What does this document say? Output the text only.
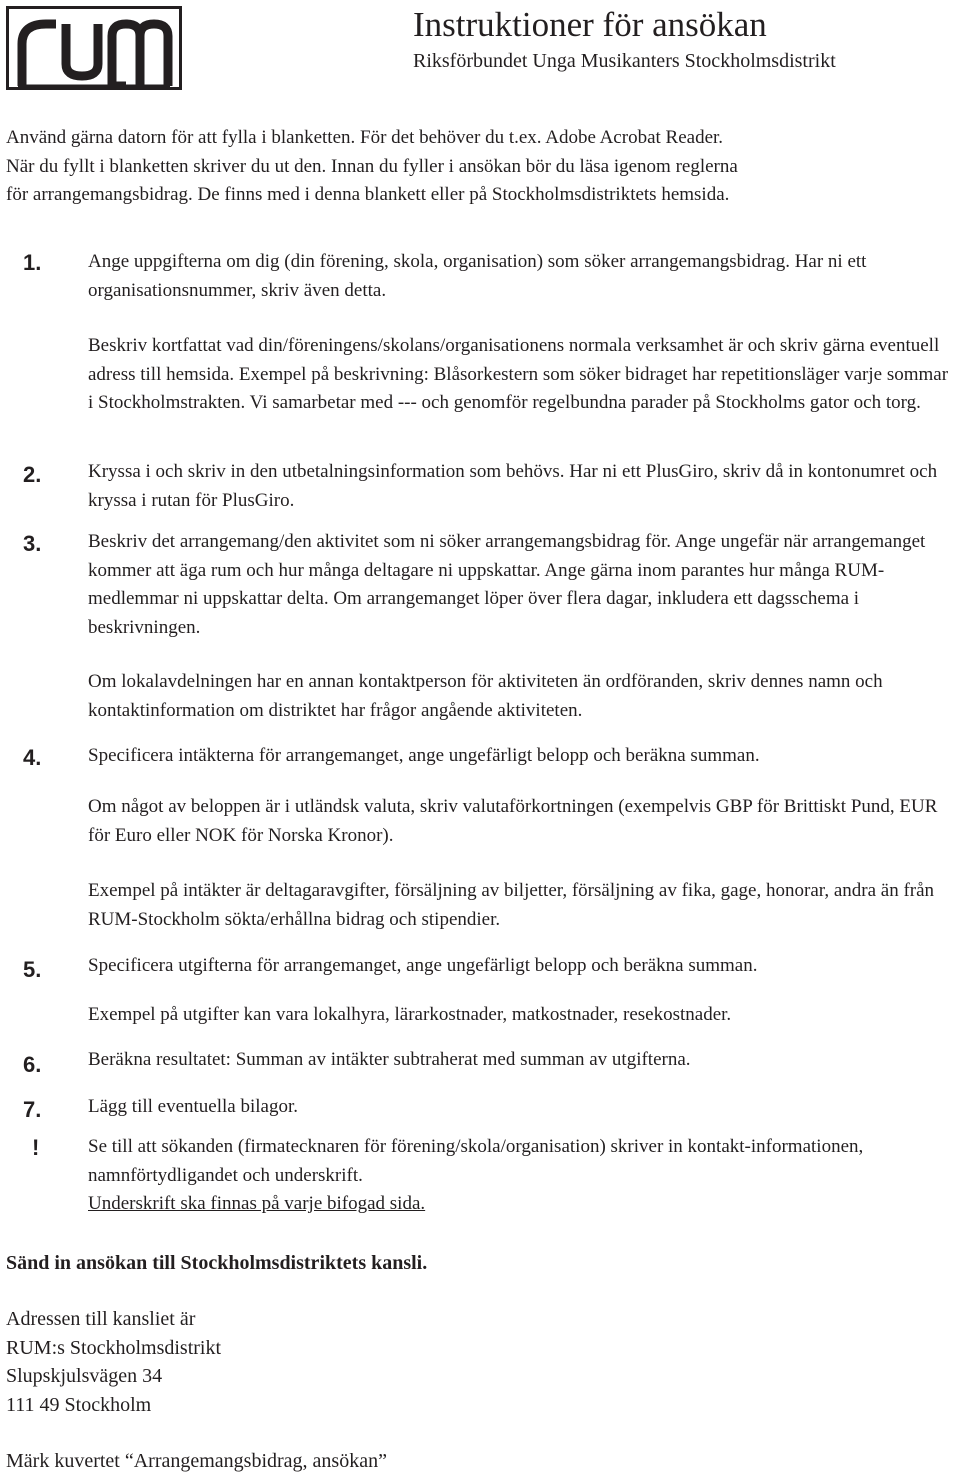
Instruktioner för ansökan
Riksförbundet Unga Musikanters Stockholmsdistrikt
Använd gärna datorn för att fylla i blanketten. För det behöver du t.ex. Adobe Acrobat Reader.
När du fyllt i blanketten skriver du ut den. Innan du fyller i ansökan bör du läsa igenom reglerna
för arrangemangsbidrag. De finns med i denna blankett eller på Stockholmsdistriktets hemsida.
1. Ange uppgifterna om dig (din förening, skola, organisation) som söker arrangemangsbidrag. Har ni ett organisationsnummer, skriv även detta.
Beskriv kortfattat vad din/föreningens/skolans/organisationens normala verksamhet är och skriv gärna eventuell adress till hemsida. Exempel på beskrivning: Blåsorkestern som söker bidraget har repetitionsläger varje sommar i Stockholmstrakten. Vi samarbetar med --- och genomför regelbundna parader på Stockholms gator och torg.
2. Kryssa i och skriv in den utbetalningsinformation som behövs. Har ni ett PlusGiro, skriv då in kontonumret och kryssa i rutan för PlusGiro.
3. Beskriv det arrangemang/den aktivitet som ni söker arrangemangsbidrag för. Ange ungefär när arrangemanget kommer att äga rum och hur många deltagare ni uppskattar. Ange gärna inom parantes hur många RUM-medlemmar ni uppskattar delta. Om arrangemanget löper över flera dagar, inkludera ett dagsschema i beskrivningen.
Om lokalavdelningen har en annan kontaktperson för aktiviteten än ordföranden, skriv dennes namn och kontaktinformation om distriktet har frågor angående aktiviteten.
4. Specificera intäkterna för arrangemanget, ange ungefärligt belopp och beräkna summan.
Om något av beloppen är i utländsk valuta, skriv valutaförkortningen (exempelvis GBP för Brittiskt Pund, EUR för Euro eller NOK för Norska Kronor).
Exempel på intäkter är deltagaravgifter, försäljning av biljetter, försäljning av fika, gage, honorar, andra än från RUM-Stockholm sökta/erhållna bidrag och stipendier.
5. Specificera utgifterna för arrangemanget, ange ungefärligt belopp och beräkna summan.
Exempel på utgifter kan vara lokalhyra, lärarkostnader, matkostnader, resekostnader.
6. Beräkna resultatet: Summan av intäkter subtraherat med summan av utgifterna.
7. Lägg till eventuella bilagor.
!	Se till att sökanden (firmatecknaren för förening/skola/organisation) skriver in kontakt-informationen, namnförtydligandet och underskrift.
Underskrift ska finnas på varje bifogad sida.
Sänd in ansökan till Stockholmsdistriktets kansli.
Adressen till kansliet är
RUM:s Stockholmsdistrikt
Slupskjulsvägen 34
111 49 Stockholm
Märk kuvertet “Arrangemangsbidrag, ansökan”
